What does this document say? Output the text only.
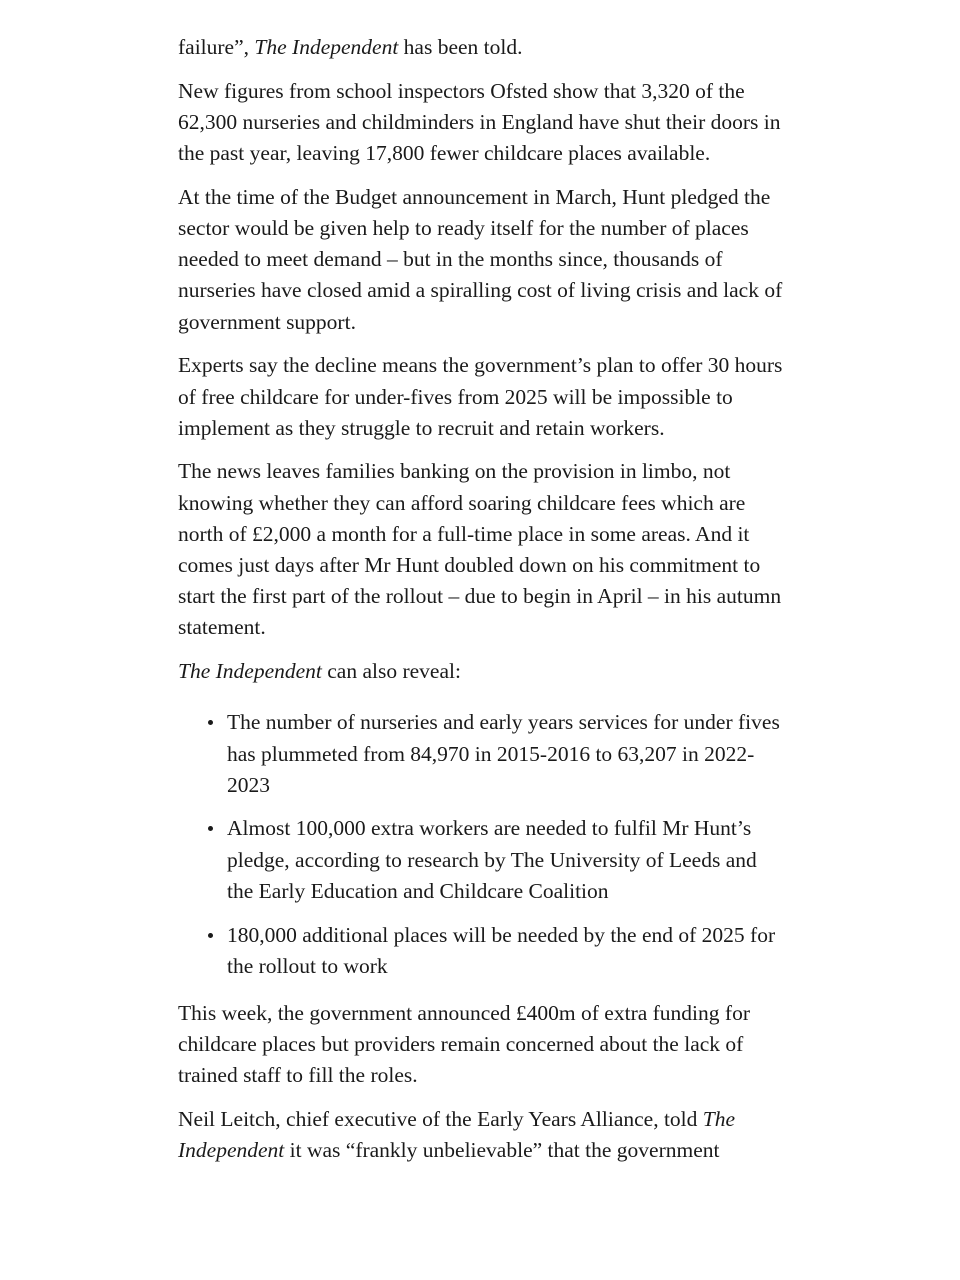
failure”, The Independent has been told.

New figures from school inspectors Ofsted show that 3,320 of the 62,300 nurseries and childminders in England have shut their doors in the past year, leaving 17,800 fewer childcare places available.

At the time of the Budget announcement in March, Hunt pledged the sector would be given help to ready itself for the number of places needed to meet demand – but in the months since, thousands of nurseries have closed amid a spiralling cost of living crisis and lack of government support.

Experts say the decline means the government’s plan to offer 30 hours of free childcare for under-fives from 2025 will be impossible to implement as they struggle to recruit and retain workers.

The news leaves families banking on the provision in limbo, not knowing whether they can afford soaring childcare fees which are north of £2,000 a month for a full-time place in some areas. And it comes just days after Mr Hunt doubled down on his commitment to start the first part of the rollout – due to begin in April – in his autumn statement.

The Independent can also reveal:

The number of nurseries and early years services for under fives has plummeted from 84,970 in 2015-2016 to 63,207 in 2022-2023
Almost 100,000 extra workers are needed to fulfil Mr Hunt’s pledge, according to research by The University of Leeds and the Early Education and Childcare Coalition
180,000 additional places will be needed by the end of 2025 for the rollout to work

This week, the government announced £400m of extra funding for childcare places but providers remain concerned about the lack of trained staff to fill the roles.

Neil Leitch, chief executive of the Early Years Alliance, told The Independent it was “frankly unbelievable” that the government
